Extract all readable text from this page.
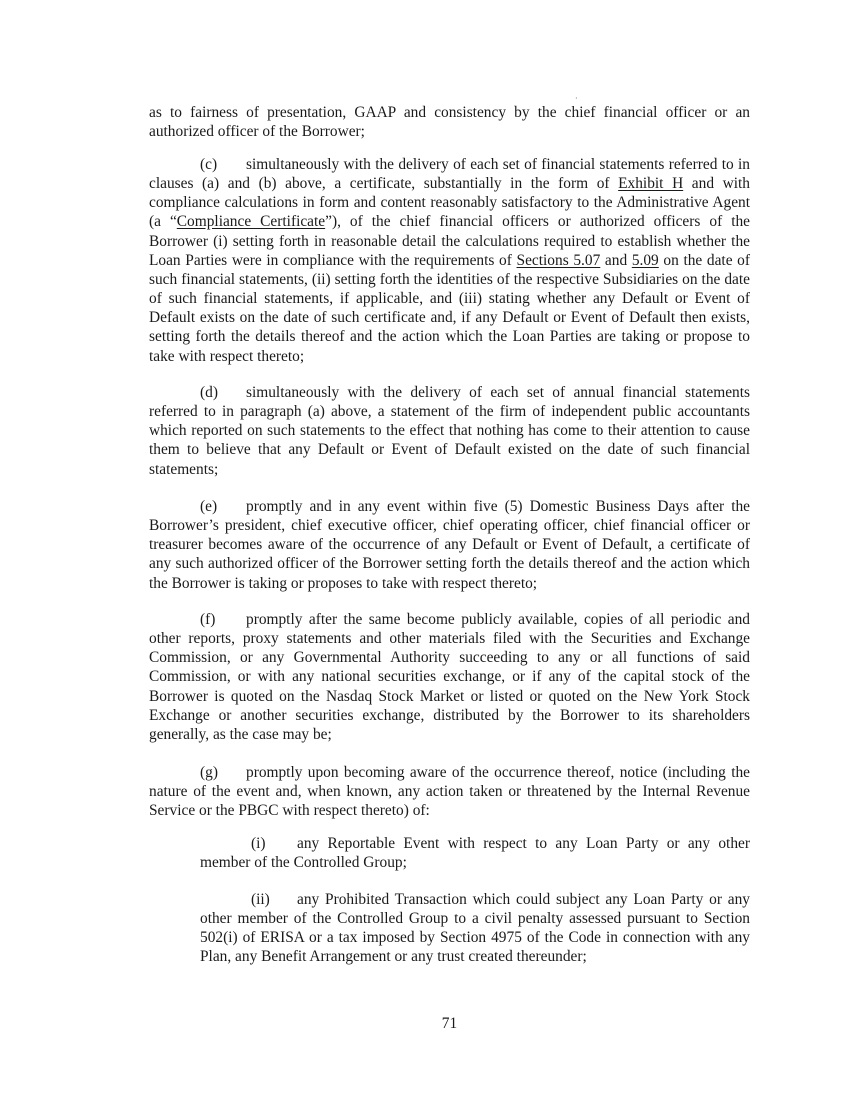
·

as to fairness of presentation, GAAP and consistency by the chief financial officer or an authorized officer of the Borrower;

(c) simultaneously with the delivery of each set of financial statements referred to in clauses (a) and (b) above, a certificate, substantially in the form of Exhibit H and with compliance calculations in form and content reasonably satisfactory to the Administrative Agent (a “Compliance Certificate”), of the chief financial officers or authorized officers of the Borrower (i) setting forth in reasonable detail the calculations required to establish whether the Loan Parties were in compliance with the requirements of Sections 5.07 and 5.09 on the date of such financial statements, (ii) setting forth the identities of the respective Subsidiaries on the date of such financial statements, if applicable, and (iii) stating whether any Default or Event of Default exists on the date of such certificate and, if any Default or Event of Default then exists, setting forth the details thereof and the action which the Loan Parties are taking or propose to take with respect thereto;

(d) simultaneously with the delivery of each set of annual financial statements referred to in paragraph (a) above, a statement of the firm of independent public accountants which reported on such statements to the effect that nothing has come to their attention to cause them to believe that any Default or Event of Default existed on the date of such financial statements;

(e) promptly and in any event within five (5) Domestic Business Days after the Borrower’s president, chief executive officer, chief operating officer, chief financial officer or treasurer becomes aware of the occurrence of any Default or Event of Default, a certificate of any such authorized officer of the Borrower setting forth the details thereof and the action which the Borrower is taking or proposes to take with respect thereto;

(f) promptly after the same become publicly available, copies of all periodic and other reports, proxy statements and other materials filed with the Securities and Exchange Commission, or any Governmental Authority succeeding to any or all functions of said Commission, or with any national securities exchange, or if any of the capital stock of the Borrower is quoted on the Nasdaq Stock Market or listed or quoted on the New York Stock Exchange or another securities exchange, distributed by the Borrower to its shareholders generally, as the case may be;

(g) promptly upon becoming aware of the occurrence thereof, notice (including the nature of the event and, when known, any action taken or threatened by the Internal Revenue Service or the PBGC with respect thereto) of:

(i) any Reportable Event with respect to any Loan Party or any other member of the Controlled Group;

(ii) any Prohibited Transaction which could subject any Loan Party or any other member of the Controlled Group to a civil penalty assessed pursuant to Section 502(i) of ERISA or a tax imposed by Section 4975 of the Code in connection with any Plan, any Benefit Arrangement or any trust created thereunder;

71
